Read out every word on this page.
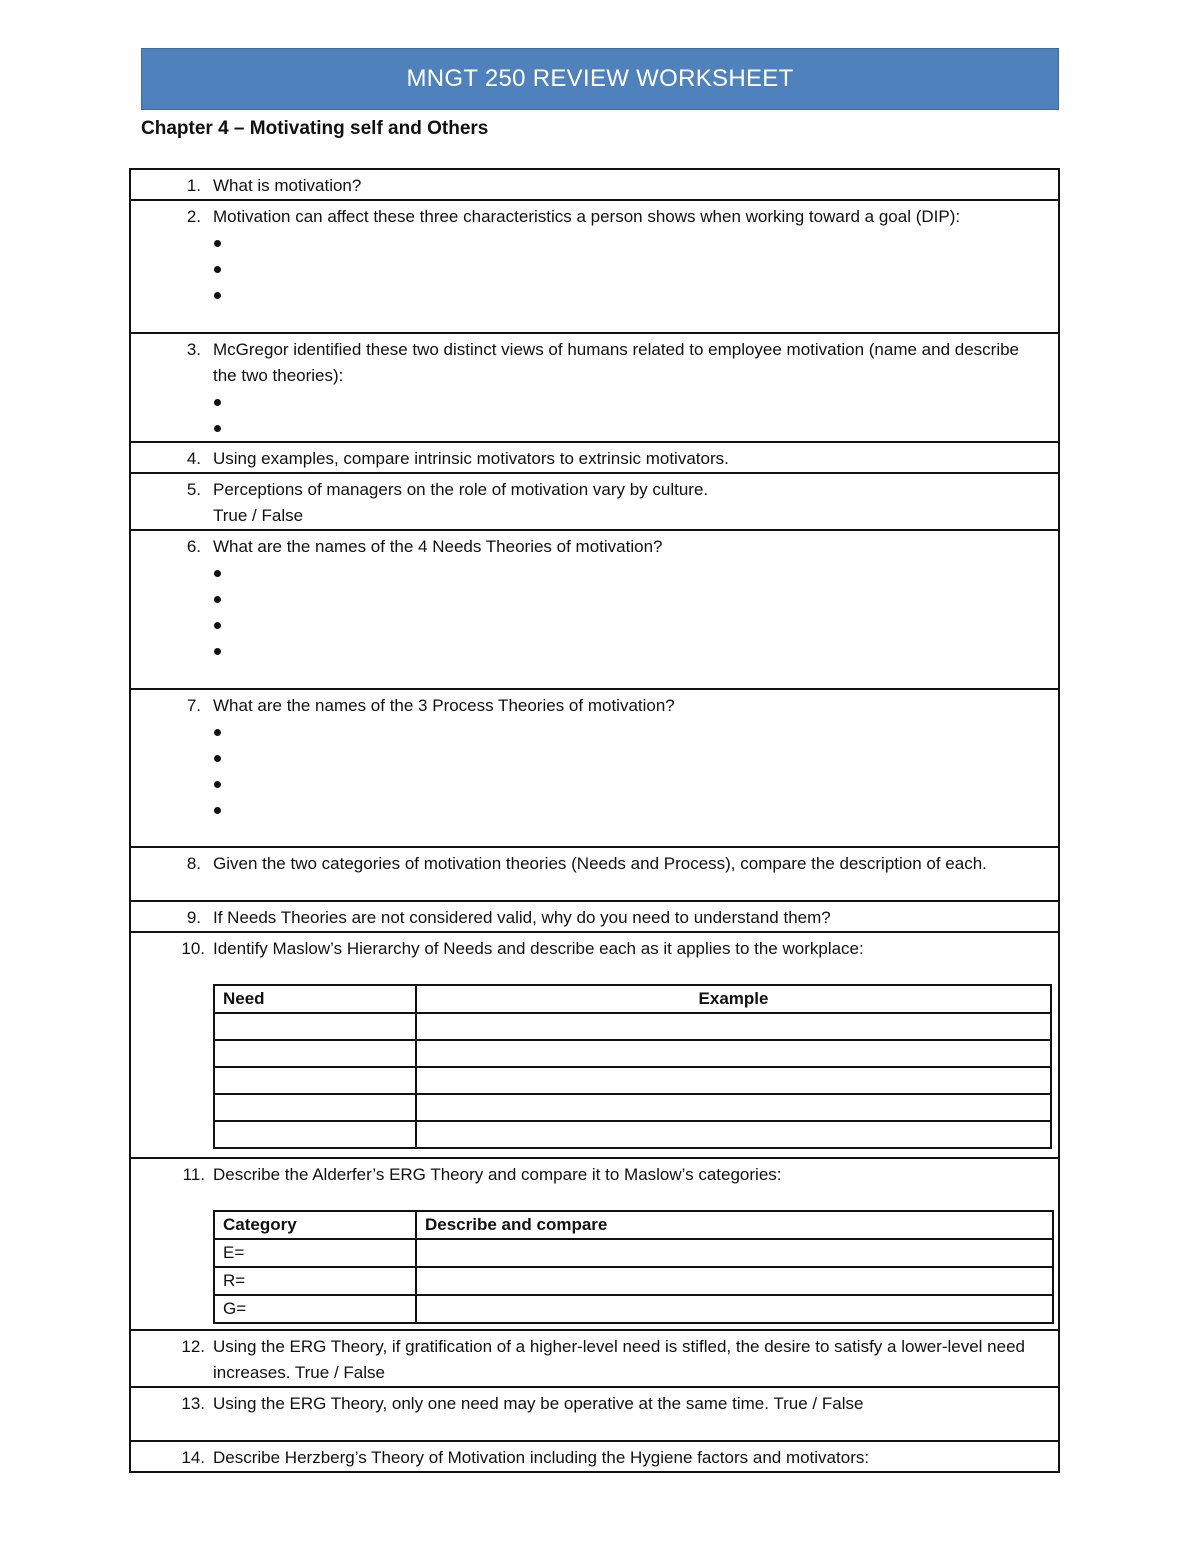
MNGT 250 REVIEW WORKSHEET
Chapter 4 – Motivating self and Others
1. What is motivation?

2. Motivation can affect these three characteristics a person shows when working toward a goal (DIP):

3. McGregor identified these two distinct views of humans related to employee motivation (name and describe the two theories):

4. Using examples, compare intrinsic motivators to extrinsic motivators.

5. Perceptions of managers on the role of motivation vary by culture.
True / False

6. What are the names of the 4 Needs Theories of motivation?

7. What are the names of the 3 Process Theories of motivation?

8. Given the two categories of motivation theories (Needs and Process), compare the description of each.

9. If Needs Theories are not considered valid, why do you need to understand them?

10. Identify Maslow’s Hierarchy of Needs and describe each as it applies to the workplace:
Need	Example

11. Describe the Alderfer’s ERG Theory and compare it to Maslow’s categories:
Category	Describe and compare
E=	
R=	
G=	

12. Using the ERG Theory, if gratification of a higher-level need is stifled, the desire to satisfy a lower-level need increases. True / False

13. Using the ERG Theory, only one need may be operative at the same time. True / False

14. Describe Herzberg’s Theory of Motivation including the Hygiene factors and motivators:
